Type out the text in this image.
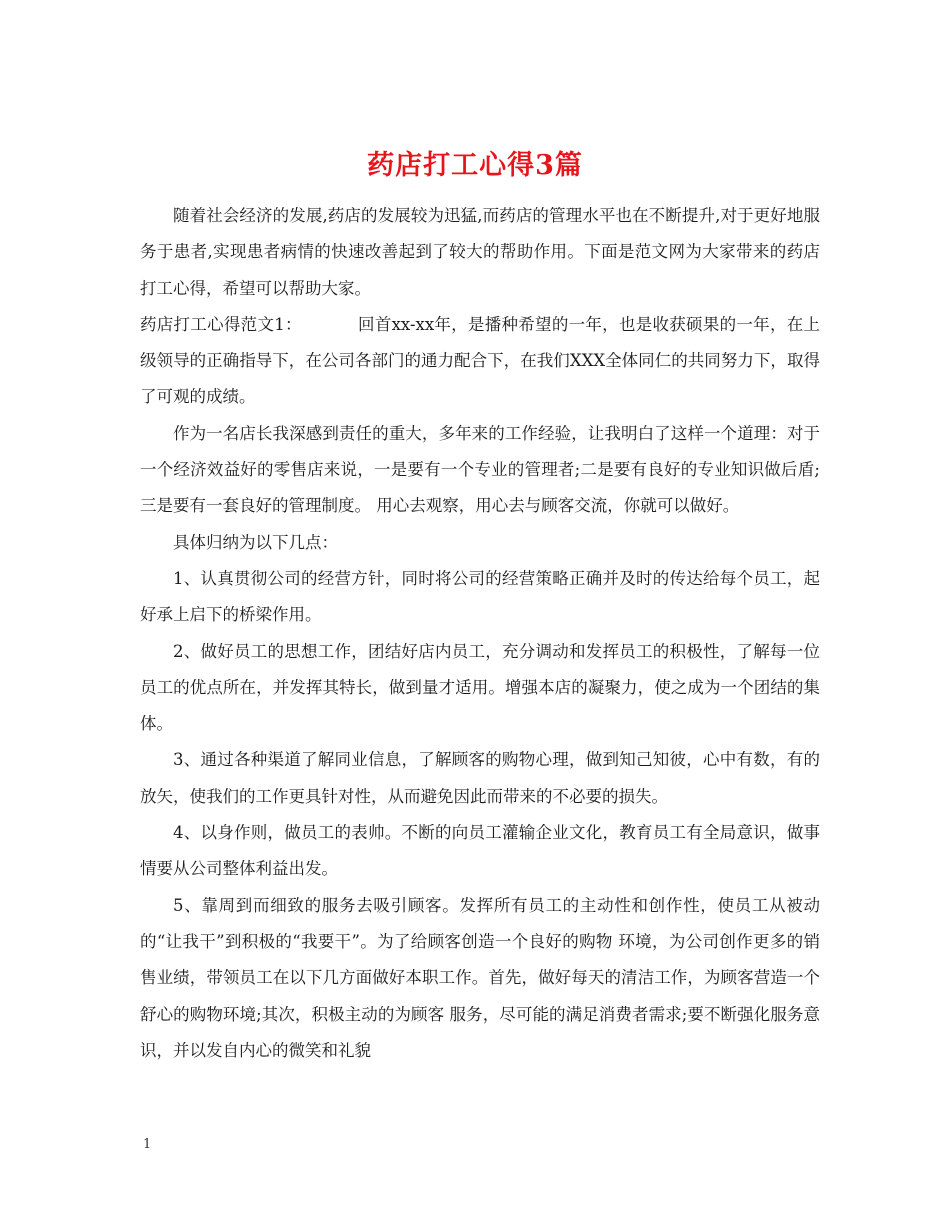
药店打工心得3篇

随着社会经济的发展,药店的发展较为迅猛,而药店的管理水平也在不断提升,对于更好地服务于患者,实现患者病情的快速改善起到了较大的帮助作用。下面是范文网为大家带来的药店打工心得，希望可以帮助大家。

药店打工心得范文1：	回首xx-xx年，是播种希望的一年，也是收获硕果的一年，在上级领导的正确指导下，在公司各部门的通力配合下，在我们XXX全体同仁的共同努力下，取得了可观的成绩。

作为一名店长我深感到责任的重大，多年来的工作经验，让我明白了这样一个道理：对于一个经济效益好的零售店来说，一是要有一个专业的管理者;二是要有良好的专业知识做后盾;三是要有一套良好的管理制度。 用心去观察，用心去与顾客交流，你就可以做好。

具体归纳为以下几点：

1、认真贯彻公司的经营方针，同时将公司的经营策略正确并及时的传达给每个员工，起好承上启下的桥梁作用。

2、做好员工的思想工作，团结好店内员工，充分调动和发挥员工的积极性，了解每一位员工的优点所在，并发挥其特长，做到量才适用。增强本店的凝聚力，使之成为一个团结的集体。

3、通过各种渠道了解同业信息，了解顾客的购物心理，做到知己知彼，心中有数，有的放矢，使我们的工作更具针对性，从而避免因此而带来的不必要的损失。

4、以身作则，做员工的表帅。不断的向员工灌输企业文化，教育员工有全局意识，做事情要从公司整体利益出发。

5、靠周到而细致的服务去吸引顾客。发挥所有员工的主动性和创作性，使员工从被动的“让我干”到积极的“我要干”。为了给顾客创造一个良好的购物 环境，为公司创作更多的销售业绩，带领员工在以下几方面做好本职工作。首先，做好每天的清洁工作，为顾客营造一个舒心的购物环境;其次，积极主动的为顾客 服务，尽可能的满足消费者需求;要不断强化服务意识，并以发自内心的微笑和礼貌

1
